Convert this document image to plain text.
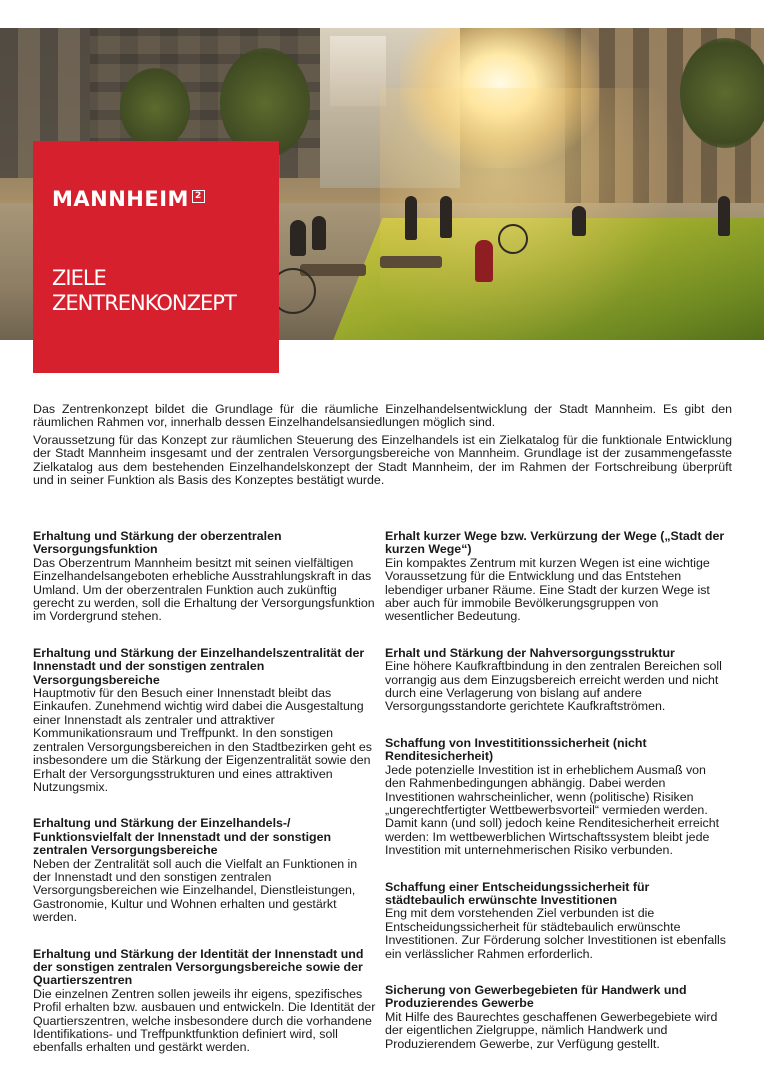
MANNHEIM 2
ZIELE
ZENTRENKONZEPT

Das Zentrenkonzept bildet die Grundlage für die räumliche Einzelhandelsentwicklung der Stadt Mannheim. Es gibt den räumlichen Rahmen vor, innerhalb dessen Einzelhandelsansiedlungen möglich sind.

Voraussetzung für das Konzept zur räumlichen Steuerung des Einzelhandels ist ein Zielkatalog für die funktionale Entwicklung der Stadt Mannheim insgesamt und der zentralen Versorgungsbereiche von Mannheim. Grundlage ist der zusammengefasste Zielkatalog aus dem bestehenden Einzelhandelskonzept der Stadt Mannheim, der im Rahmen der Fortschreibung überprüft und in seiner Funktion als Basis des Konzeptes bestätigt wurde.

Erhaltung und Stärkung der oberzentralen Versorgungsfunktion

Das Oberzentrum Mannheim besitzt mit seinen vielfältigen Einzelhandelsangeboten erhebliche Ausstrahlungskraft in das Umland. Um der oberzentralen Funktion auch zukünftig gerecht zu werden, soll die Erhaltung der Versorgungsfunktion im Vordergrund stehen.

Erhaltung und Stärkung der Einzelhandelszentralität der Innenstadt und der sonstigen zentralen Versorgungsbereiche

Hauptmotiv für den Besuch einer Innenstadt bleibt das Einkaufen. Zunehmend wichtig wird dabei die Ausgestaltung einer Innenstadt als zentraler und attraktiver Kommunikationsraum und Treffpunkt. In den sonstigen zentralen Versorgungsbereichen in den Stadtbezirken geht es insbesondere um die Stärkung der Eigenzentralität sowie den Erhalt der Versorgungsstrukturen und eines attraktiven Nutzungsmix.

Erhaltung und Stärkung der Einzelhandels-/ Funktionsvielfalt der Innenstadt und der sonstigen zentralen Versorgungsbereiche

Neben der Zentralität soll auch die Vielfalt an Funktionen in der Innenstadt und den sonstigen zentralen Versorgungsbereichen wie Einzelhandel, Dienstleistungen, Gastronomie, Kultur und Wohnen erhalten und gestärkt werden.

Erhaltung und Stärkung der Identität der Innenstadt und der sonstigen zentralen Versorgungsbereiche sowie der Quartierszentren

Die einzelnen Zentren sollen jeweils ihr eigens, spezifisches Profil erhalten bzw. ausbauen und entwickeln. Die Identität der Quartierszentren, welche insbesondere durch die vorhandene Identifikations- und Treffpunktfunktion definiert wird, soll ebenfalls erhalten und gestärkt werden.

Erhalt kurzer Wege bzw. Verkürzung der Wege („Stadt der kurzen Wege“)

Ein kompaktes Zentrum mit kurzen Wegen ist eine wichtige Voraussetzung für die Entwicklung und das Entstehen lebendiger urbaner Räume. Eine Stadt der kurzen Wege ist aber auch für immobile Bevölkerungsgruppen von wesentlicher Bedeutung.

Erhalt und Stärkung der Nahversorgungsstruktur

Eine höhere Kaufkraftbindung in den zentralen Bereichen soll vorrangig aus dem Einzugsbereich erreicht werden und nicht durch eine Verlagerung von bislang auf andere Versorgungsstandorte gerichtete Kaufkraftströmen.

Schaffung von Investititionssicherheit (nicht Renditesicherheit)

Jede potenzielle Investition ist in erheblichem Ausmaß von den Rahmenbedingungen abhängig. Dabei werden Investitionen wahrscheinlicher, wenn (politische) Risiken „ungerechtfertigter Wettbewerbsvorteil“ vermieden werden. Damit kann (und soll) jedoch keine Renditesicherheit erreicht werden: Im wettbewerblichen Wirtschaftssystem bleibt jede Investition mit unternehmerischen Risiko verbunden.

Schaffung einer Entscheidungssicherheit für städtebaulich erwünschte Investitionen

Eng mit dem vorstehenden Ziel verbunden ist die Entscheidungssicherheit für städtebaulich erwünschte Investitionen. Zur Förderung solcher Investitionen ist ebenfalls ein verlässlicher Rahmen erforderlich.

Sicherung von Gewerbegebieten für Handwerk und Produzierendes Gewerbe

Mit Hilfe des Baurechtes geschaffenen Gewerbegebiete wird der eigentlichen Zielgruppe, nämlich Handwerk und Produzierendem Gewerbe, zur Verfügung gestellt.
